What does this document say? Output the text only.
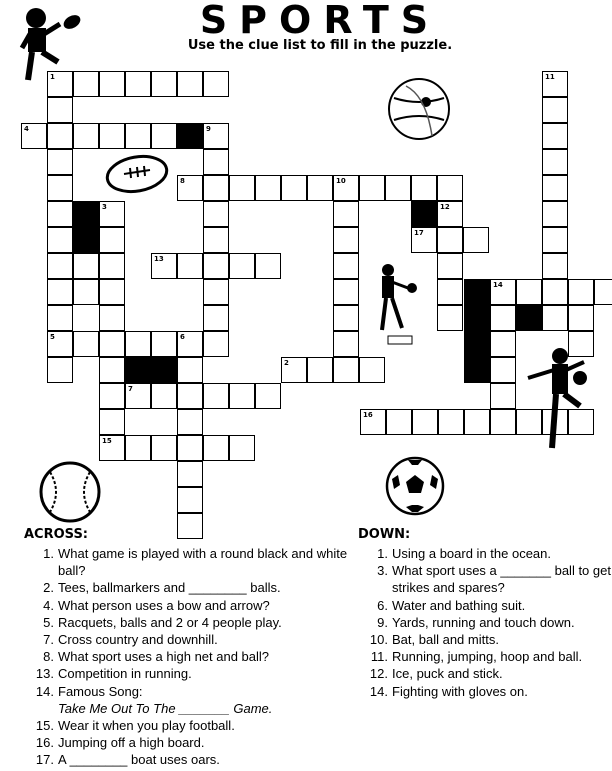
SPORTS
Use the clue list to fill in the puzzle.
1
5
4	9
8	10
3
15
13
6
7
2
17
12
14
11
16
ACROSS:
1. What game is played with a round black and white ball?
2. Tees, ballmarkers and ________ balls.
4. What person uses a bow and arrow?
5. Racquets, balls and 2 or 4 people play.
7. Cross country and downhill.
8. What sport uses a high net and ball?
13. Competition in running.
14. Famous Song:
Take Me Out To The _______ Game.
15. Wear it when you play football.
16. Jumping off a high board.
17. A ________ boat uses oars.
DOWN:
1. Using a board in the ocean.
3. What sport uses a _______ ball to get strikes and spares?
6. Water and bathing suit.
9. Yards, running and touch down.
10. Bat, ball and mitts.
11. Running, jumping, hoop and ball.
12. Ice, puck and stick.
14. Fighting with gloves on.
